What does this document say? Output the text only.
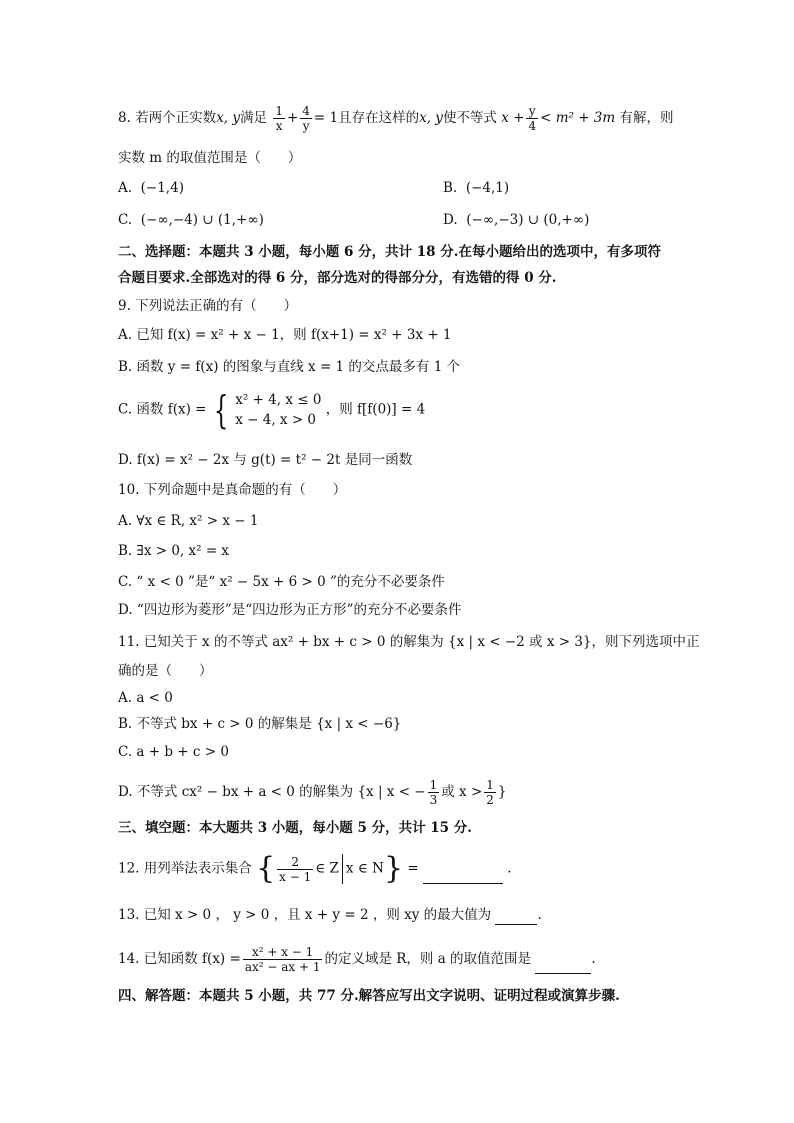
8. 若两个正实数x, y满足 $\frac{1}{x} + \frac{4}{y} = 1$且存在这样的x, y使不等式 $x + \frac{y}{4} < m^2 + 3m$ 有解，则
实数 m 的取值范围是（　　）
A. (−1,4)	B. (−4,1)
C. (−∞,−4) ∪ (1,+∞)	D. (−∞,−3) ∪ (0,+∞)
二、选择题：本题共 3 小题，每小题 6 分，共计 18 分.在每小题给出的选项中，有多项符
合题目要求.全部选对的得 6 分，部分选对的得部分分，有选错的得 0 分.
9. 下列说法正确的有（　　）
A. 已知 f(x) = x² + x − 1，则 f(x+1) = x² + 3x + 1
B. 函数 y = f(x) 的图象与直线 x = 1 的交点最多有 1 个
C. 函数 f(x) = { x² + 4, x ≤ 0
x − 4, x > 0
，则 f[f(0)] = 4
D. f(x) = x² − 2x 与 g(t) = t² − 2t 是同一函数
10. 下列命题中是真命题的有（　　）
A. ∀x ∈ R, x² > x − 1
B. ∃x > 0, x² = x
C. “ x < 0 ”是“ x² − 5x + 6 > 0 ”的充分不必要条件
D. “四边形为菱形”是“四边形为正方形”的充分不必要条件
11. 已知关于 x 的不等式 ax² + bx + c > 0 的解集为 {x | x < −2 或 x > 3}，则下列选项中正
确的是（　　）
A. a < 0
B. 不等式 bx + c > 0 的解集是 {x | x < −6}
C. a + b + c > 0
D. 不等式 cx² − bx + a < 0 的解集为 {x | x < − $\frac{1}{3}$ 或 $x > \frac{1}{2}$ }
三、填空题：本大题共 3 小题，每小题 5 分，共计 15 分.
12. 用列举法表示集合 { $\frac{2}{x - 1}$ ∈ Z x ∈ N} =	.
13. 已知 x > 0 ， y > 0 ，且 x + y = 2 ，则 xy 的最大值为	.
14. 已知函数 $f(x) = \frac{\text{x² + x − 1}}{\text{ax² − ax + 1}}$ 的定义域是 R，则 a 的取值范围是	.
四、解答题：本题共 5 小题，共 77 分.解答应写出文字说明、证明过程或演算步骤.
